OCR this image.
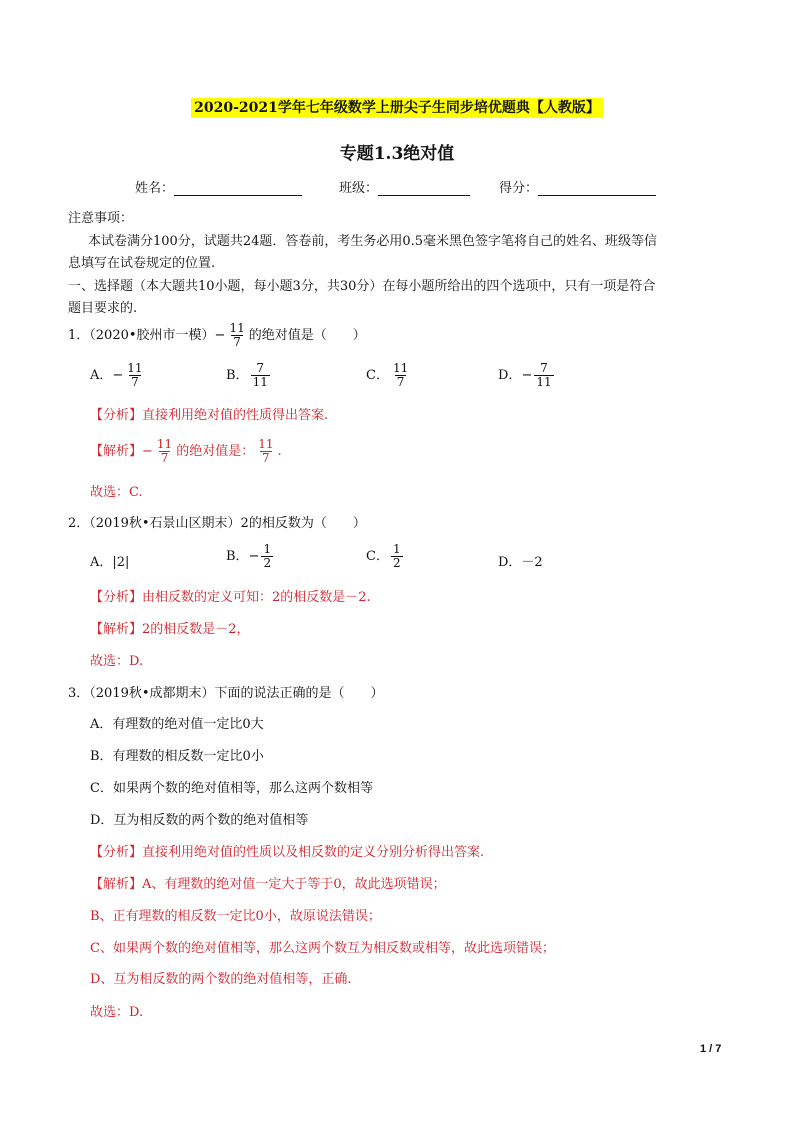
2020-2021学年七年级数学上册尖子生同步培优题典【人教版】
专题1.3绝对值
姓名：	班级：	得分：
注意事项：
本试卷满分100分，试题共24题．答卷前，考生务必用0.5毫米黑色签字笔将自己的姓名、班级等信
息填写在试卷规定的位置.
一、选择题（本大题共10小题，每小题3分，共30分）在每小题所给出的四个选项中，只有一项是符合
题目要求的.
1．（2020•胶州市一模）− $\frac{11}{7}$ 的绝对值是（　　）
A．− $\frac{11}{7}$	B． $\frac{7}{11}$	C． $\frac{11}{7}$	D．− $\frac{7}{11}$
【分析】直接利用绝对值的性质得出答案.
【解析】− $\frac{11}{7}$ 的绝对值是： $\frac{11}{7}$ .
故选：C.
2．（2019秋•石景山区期末）2的相反数为（　　）
A．|2|	B．− $\frac{1}{2}$	C． $\frac{1}{2}$	D．－2
【分析】由相反数的定义可知：2的相反数是－2.
【解析】2的相反数是－2，
故选：D.
3．（2019秋•成都期末）下面的说法正确的是（　　）
A．有理数的绝对值一定比0大
B．有理数的相反数一定比0小
C．如果两个数的绝对值相等，那么这两个数相等
D．互为相反数的两个数的绝对值相等
【分析】直接利用绝对值的性质以及相反数的定义分别分析得出答案.
【解析】A、有理数的绝对值一定大于等于0，故此选项错误；
B、正有理数的相反数一定比0小，故原说法错误；
C、如果两个数的绝对值相等，那么这两个数互为相反数或相等，故此选项错误；
D、互为相反数的两个数的绝对值相等，正确.
故选：D.
1 / 7
